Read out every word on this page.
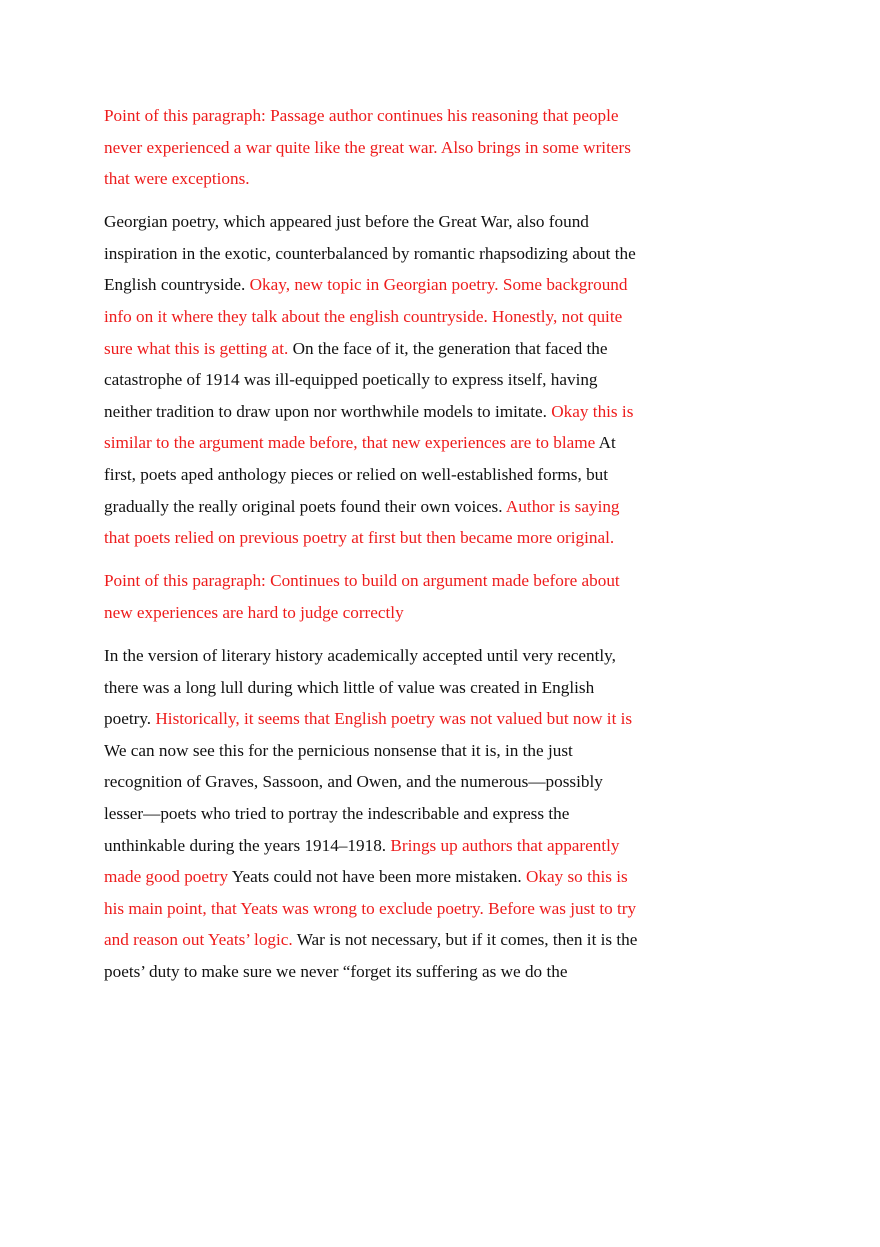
Point of this paragraph: Passage author continues his reasoning that people never experienced a war quite like the great war. Also brings in some writers that were exceptions.

Georgian poetry, which appeared just before the Great War, also found inspiration in the exotic, counterbalanced by romantic rhapsodizing about the English countryside. Okay, new topic in Georgian poetry. Some background info on it where they talk about the english countryside. Honestly, not quite sure what this is getting at. On the face of it, the generation that faced the catastrophe of 1914 was ill-equipped poetically to express itself, having neither tradition to draw upon nor worthwhile models to imitate. Okay this is similar to the argument made before, that new experiences are to blame At first, poets aped anthology pieces or relied on well-established forms, but gradually the really original poets found their own voices. Author is saying that poets relied on previous poetry at first but then became more original.

Point of this paragraph: Continues to build on argument made before about new experiences are hard to judge correctly

In the version of literary history academically accepted until very recently, there was a long lull during which little of value was created in English poetry. Historically, it seems that English poetry was not valued but now it is We can now see this for the pernicious nonsense that it is, in the just recognition of Graves, Sassoon, and Owen, and the numerous—possibly lesser—poets who tried to portray the indescribable and express the unthinkable during the years 1914–1918. Brings up authors that apparently made good poetry Yeats could not have been more mistaken. Okay so this is his main point, that Yeats was wrong to exclude poetry. Before was just to try and reason out Yeats’ logic. War is not necessary, but if it comes, then it is the poets’ duty to make sure we never “forget its suffering as we do the
